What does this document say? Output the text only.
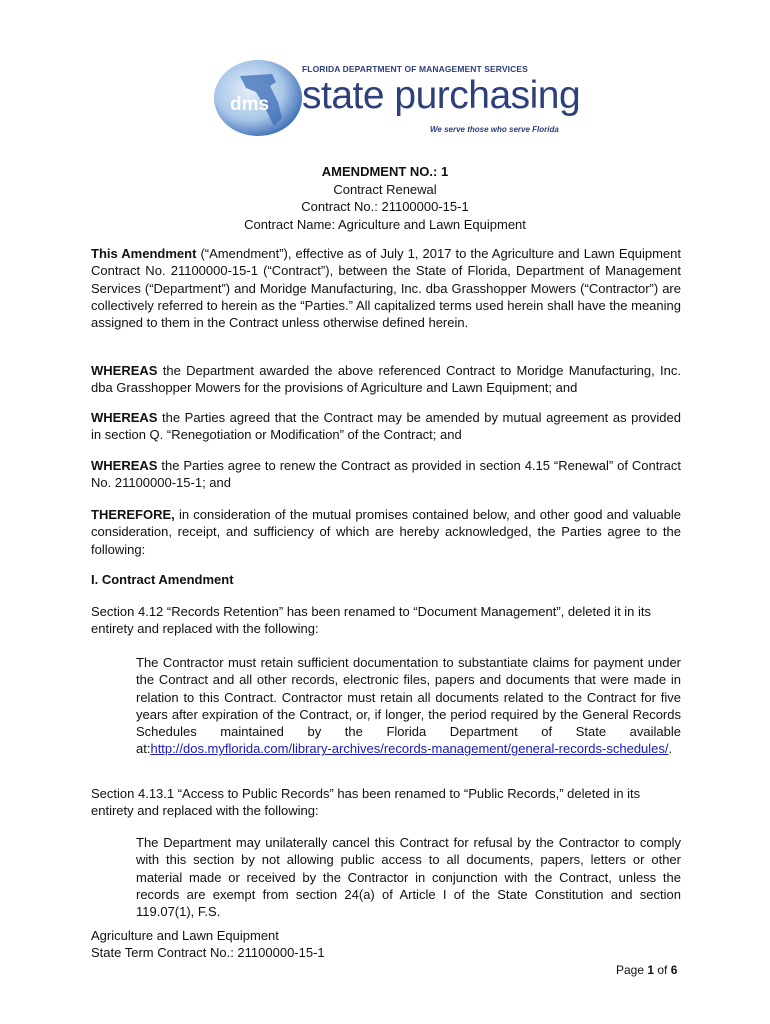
dms
FLORIDA DEPARTMENT OF MANAGEMENT SERVICES
state purchasing
We serve those who serve Florida
AMENDMENT NO.: 1
Contract Renewal
Contract No.: 21100000-15-1
Contract Name: Agriculture and Lawn Equipment
This Amendment (“Amendment”), effective as of July 1, 2017 to the Agriculture and Lawn Equipment Contract No. 21100000-15-1 (“Contract”), between the State of Florida, Department of Management Services (“Department”) and Moridge Manufacturing, Inc. dba Grasshopper Mowers (“Contractor”) are collectively referred to herein as the “Parties.” All capitalized terms used herein shall have the meaning assigned to them in the Contract unless otherwise defined herein.
WHEREAS the Department awarded the above referenced Contract to Moridge Manufacturing, Inc. dba Grasshopper Mowers for the provisions of Agriculture and Lawn Equipment; and
WHEREAS the Parties agreed that the Contract may be amended by mutual agreement as provided in section Q. “Renegotiation or Modification” of the Contract; and
WHEREAS the Parties agree to renew the Contract as provided in section 4.15 “Renewal” of Contract No. 21100000-15-1; and
THEREFORE, in consideration of the mutual promises contained below, and other good and valuable consideration, receipt, and sufficiency of which are hereby acknowledged, the Parties agree to the following:
I. Contract Amendment
Section 4.12 “Records Retention” has been renamed to “Document Management”, deleted it in its entirety and replaced with the following:
The Contractor must retain sufficient documentation to substantiate claims for payment under the Contract and all other records, electronic files, papers and documents that were made in relation to this Contract. Contractor must retain all documents related to the Contract for five years after expiration of the Contract, or, if longer, the period required by the General Records Schedules maintained by the Florida Department of State available at:http://dos.myflorida.com/library-archives/records-management/general-records-schedules/.
Section 4.13.1 “Access to Public Records” has been renamed to “Public Records,” deleted in its entirety and replaced with the following:
The Department may unilaterally cancel this Contract for refusal by the Contractor to comply with this section by not allowing public access to all documents, papers, letters or other material made or received by the Contractor in conjunction with the Contract, unless the records are exempt from section 24(a) of Article I of the State Constitution and section 119.07(1), F.S.
Agriculture and Lawn Equipment
State Term Contract No.: 21100000-15-1
Page 1 of 6
